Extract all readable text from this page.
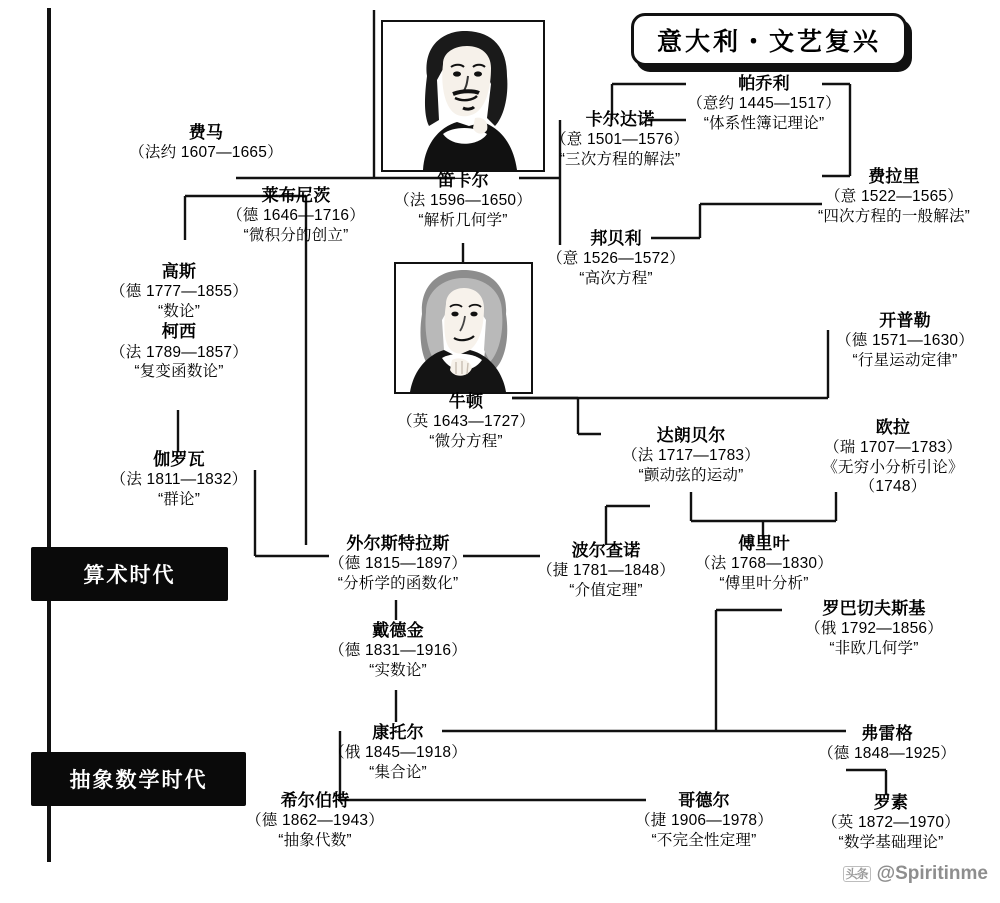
意大利・文艺复兴
算术时代
抽象数学时代
费马
（法约 1607—1665）
莱布尼茨
（德 1646—1716）
“微积分的创立”
高斯
（德 1777—1855）
“数论”
柯西
（法 1789—1857）
“复变函数论”
伽罗瓦
（法 1811—1832）
“群论”
笛卡尔
（法 1596—1650）
“解析几何学”
牛顿
（英 1643—1727）
“微分方程”
卡尔达诺
（意 1501—1576）
“三次方程的解法”
帕乔利
（意约 1445—1517）
“体系性簿记理论”
费拉里
（意 1522—1565）
“四次方程的一般解法”
邦贝利
（意 1526—1572）
“高次方程”
开普勒
（德 1571—1630）
“行星运动定律”
达朗贝尔
（法 1717—1783）
“颤动弦的运动”
欧拉
（瑞 1707—1783）
《无穷小分析引论》
（1748）
傅里叶
（法 1768—1830）
“傅里叶分析”
外尔斯特拉斯
（德 1815—1897）
“分析学的函数化”
波尔查诺
（捷 1781—1848）
“介值定理”
戴德金
（德 1831—1916）
“实数论”
罗巴切夫斯基
（俄 1792—1856）
“非欧几何学”
康托尔
（俄 1845—1918）
“集合论”
弗雷格
（德 1848—1925）
希尔伯特
（德 1862—1943）
“抽象代数”
哥德尔
（捷 1906—1978）
“不完全性定理”
罗素
（英 1872—1970）
“数学基础理论”
头条 @Spiritinme
